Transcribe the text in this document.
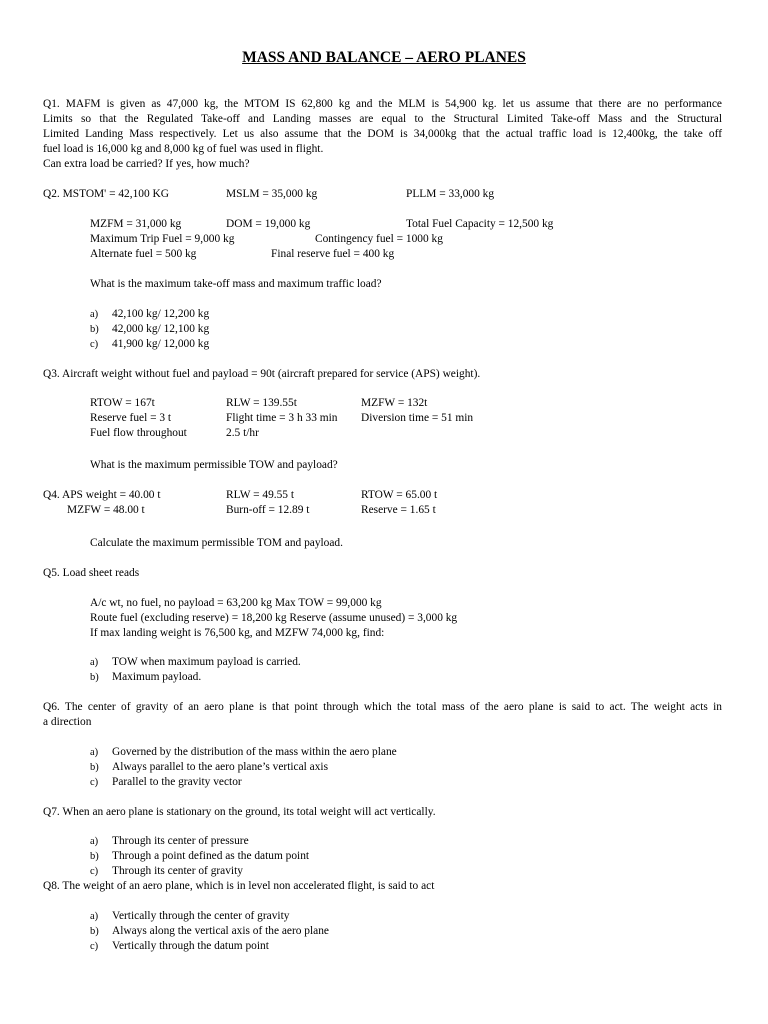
MASS AND BALANCE – AERO PLANES
Q1. MAFM is given as 47,000 kg, the MTOM IS 62,800 kg and the MLM is 54,900 kg. let us assume that there are no performance
Limits so that the Regulated Take-off and Landing masses are equal to the Structural Limited Take-off Mass and the Structural
Limited Landing Mass respectively. Let us also assume that the DOM is 34,000kg that the actual traffic load is 12,400kg, the take off
fuel load is 16,000 kg and 8,000 kg of fuel was used in flight.
Can extra load be carried? If yes, how much?
Q2. MSTOM' = 42,100 KG	MSLM = 35,000 kg	PLLM = 33,000 kg
MZFM = 31,000 kg	DOM = 19,000 kg	Total Fuel Capacity = 12,500 kg
Maximum Trip Fuel = 9,000 kg	Contingency fuel = 1000 kg
Alternate fuel = 500 kg	Final reserve fuel = 400 kg
What is the maximum take-off mass and maximum traffic load?
a) 42,100 kg/ 12,200 kg
b) 42,000 kg/ 12,100 kg
c) 41,900 kg/ 12,000 kg
Q3. Aircraft weight without fuel and payload = 90t (aircraft prepared for service (APS) weight).
RTOW = 167t	RLW = 139.55t	MZFW = 132t
Reserve fuel = 3 t	Flight time = 3 h 33 min Diversion time = 51 min
Fuel flow throughout	2.5 t/hr
What is the maximum permissible TOW and payload?
Q4. APS weight = 40.00 t	RLW = 49.55 t	RTOW = 65.00 t
MZFW = 48.00 t	Burn-off = 12.89 t	Reserve = 1.65 t
Calculate the maximum permissible TOM and payload.
Q5. Load sheet reads
A/c wt, no fuel, no payload = 63,200 kg Max TOW = 99,000 kg
Route fuel (excluding reserve) = 18,200 kg Reserve (assume unused) = 3,000 kg
If max landing weight is 76,500 kg, and MZFW 74,000 kg, find:
a) TOW when maximum payload is carried.
b) Maximum payload.
Q6. The center of gravity of an aero plane is that point through which the total mass of the aero plane is said to act. The weight acts in
a direction
a) Governed by the distribution of the mass within the aero plane
b) Always parallel to the aero plane’s vertical axis
c) Parallel to the gravity vector
Q7. When an aero plane is stationary on the ground, its total weight will act vertically.
a) Through its center of pressure
b) Through a point defined as the datum point
c) Through its center of gravity
Q8. The weight of an aero plane, which is in level non accelerated flight, is said to act
a) Vertically through the center of gravity
b) Always along the vertical axis of the aero plane
c) Vertically through the datum point
